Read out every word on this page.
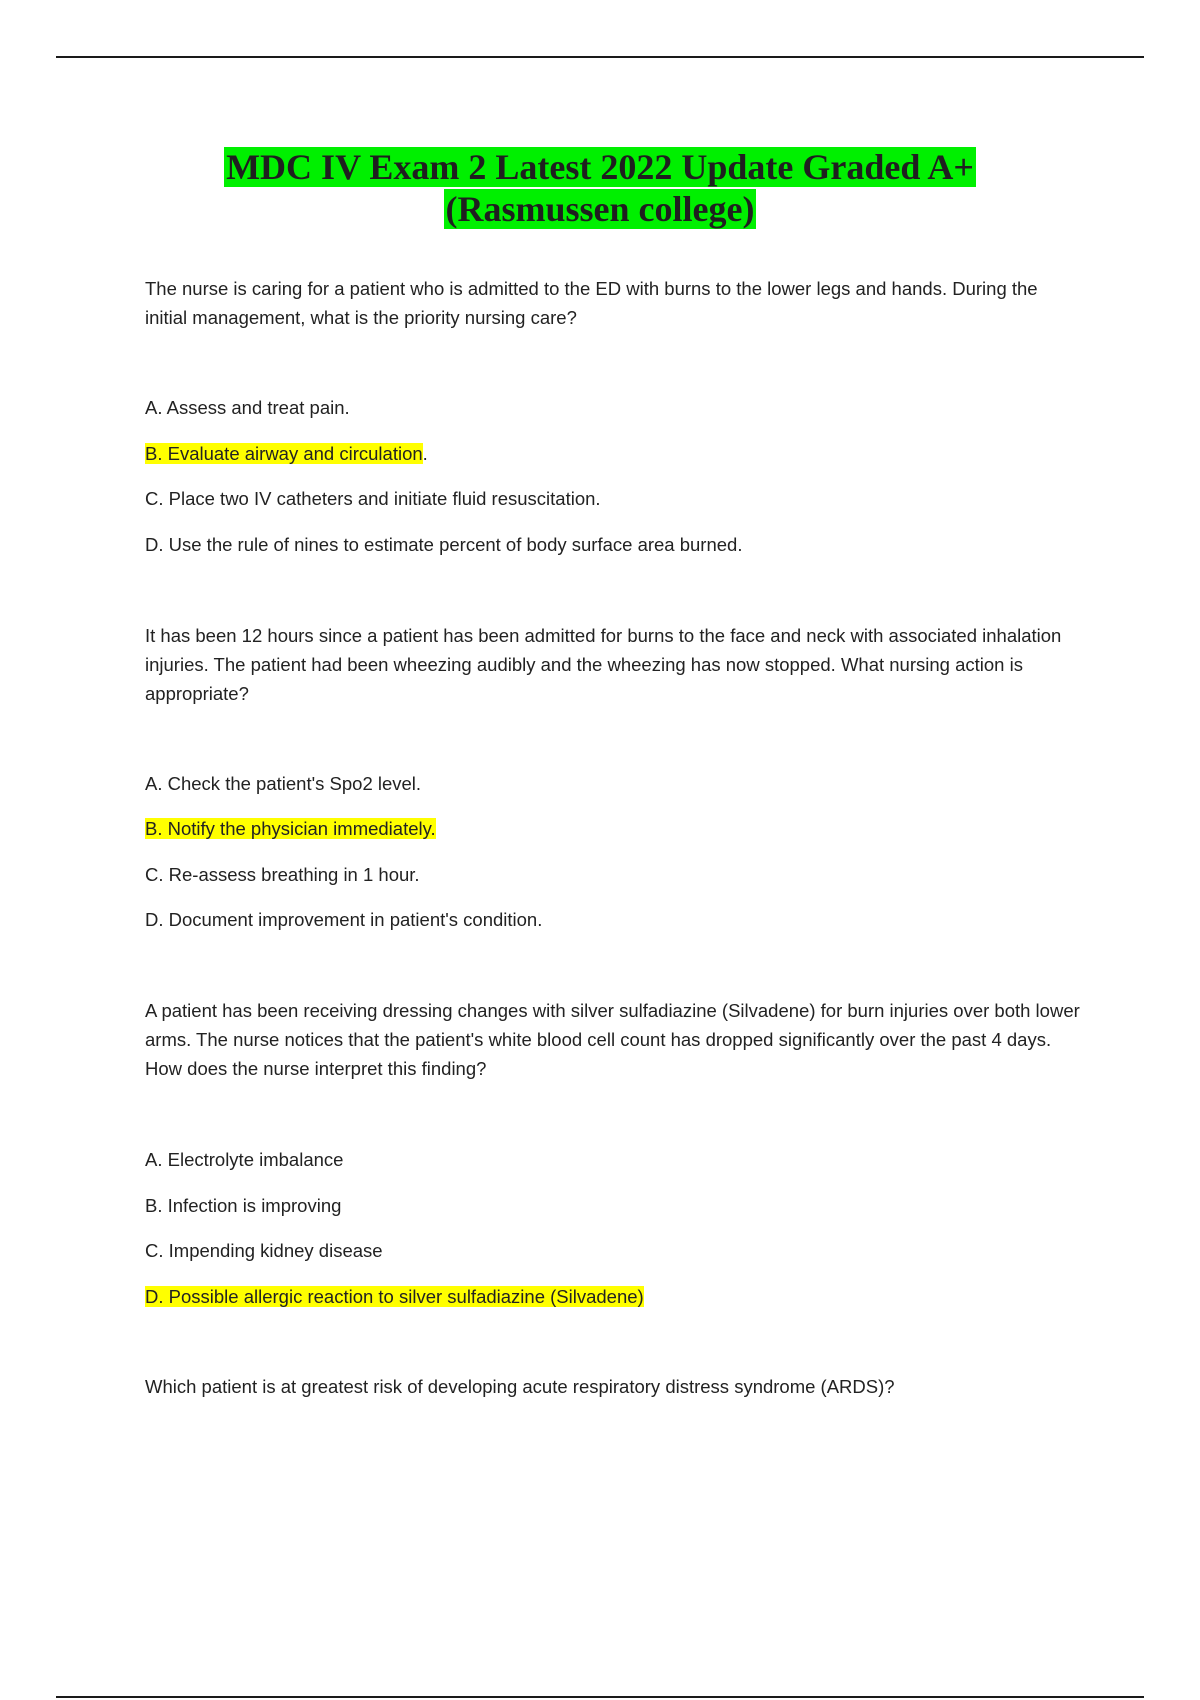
MDC IV Exam 2 Latest 2022 Update Graded A+
(Rasmussen college)

The nurse is caring for a patient who is admitted to the ED with burns to the lower legs and hands. During the initial management, what is the priority nursing care?

A. Assess and treat pain.

B. Evaluate airway and circulation.

C. Place two IV catheters and initiate fluid resuscitation.

D. Use the rule of nines to estimate percent of body surface area burned.

It has been 12 hours since a patient has been admitted for burns to the face and neck with associated inhalation injuries. The patient had been wheezing audibly and the wheezing has now stopped. What nursing action is appropriate?

A. Check the patient's Spo2 level.

B. Notify the physician immediately.

C. Re-assess breathing in 1 hour.

D. Document improvement in patient's condition.

A patient has been receiving dressing changes with silver sulfadiazine (Silvadene) for burn injuries over both lower arms. The nurse notices that the patient's white blood cell count has dropped significantly over the past 4 days. How does the nurse interpret this finding?

A. Electrolyte imbalance

B. Infection is improving

C. Impending kidney disease

D. Possible allergic reaction to silver sulfadiazine (Silvadene)

Which patient is at greatest risk of developing acute respiratory distress syndrome (ARDS)?
